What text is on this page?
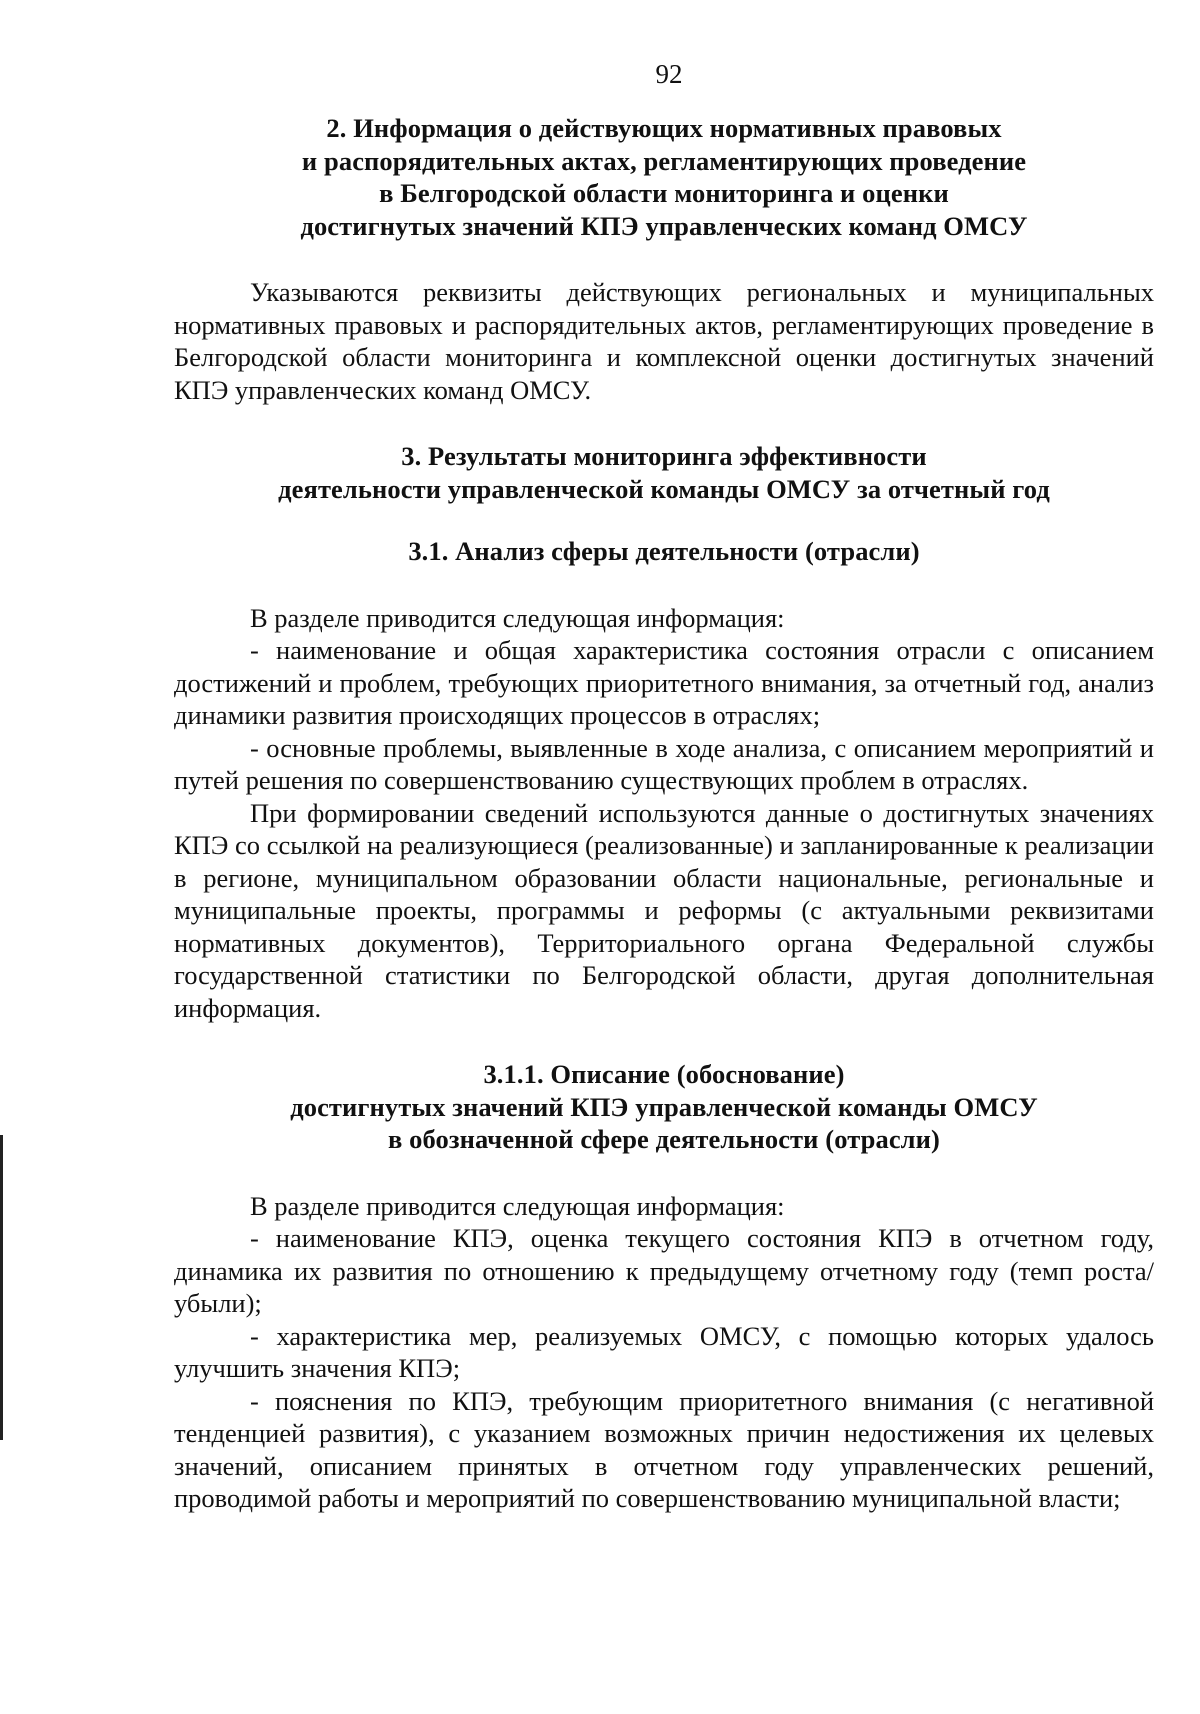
92
2. Информация о действующих нормативных правовых
и распорядительных актах, регламентирующих проведение
в Белгородской области мониторинга и оценки
достигнутых значений КПЭ управленческих команд ОМСУ

Указываются реквизиты действующих региональных и муниципальных нормативных правовых и распорядительных актов, регламентирующих проведение в Белгородской области мониторинга и комплексной оценки достигнутых значений КПЭ управленческих команд ОМСУ.

3. Результаты мониторинга эффективности
деятельности управленческой команды ОМСУ за отчетный год
3.1. Анализ сферы деятельности (отрасли)

В разделе приводится следующая информация:

- наименование и общая характеристика состояния отрасли с описанием достижений и проблем, требующих приоритетного внимания, за отчетный год, анализ динамики развития происходящих процессов в отраслях;

- основные проблемы, выявленные в ходе анализа, с описанием мероприятий и путей решения по совершенствованию существующих проблем в отраслях.

При формировании сведений используются данные о достигнутых значениях КПЭ со ссылкой на реализующиеся (реализованные) и запланированные к реализации в регионе, муниципальном образовании области национальные, региональные и муниципальные проекты, программы и реформы (с актуальными реквизитами нормативных документов), Территориального органа Федеральной службы государственной статистики по Белгородской области, другая дополнительная информация.

3.1.1. Описание (обоснование)
достигнутых значений КПЭ управленческой команды ОМСУ
в обозначенной сфере деятельности (отрасли)

В разделе приводится следующая информация:

- наименование КПЭ, оценка текущего состояния КПЭ в отчетном году, динамика их развития по отношению к предыдущему отчетному году (темп роста/убыли);

- характеристика мер, реализуемых ОМСУ, с помощью которых удалось улучшить значения КПЭ;

- пояснения по КПЭ, требующим приоритетного внимания (с негативной тенденцией развития), с указанием возможных причин недостижения их целевых значений, описанием принятых в отчетном году управленческих решений, проводимой работы и мероприятий по совершенствованию муниципальной власти;
